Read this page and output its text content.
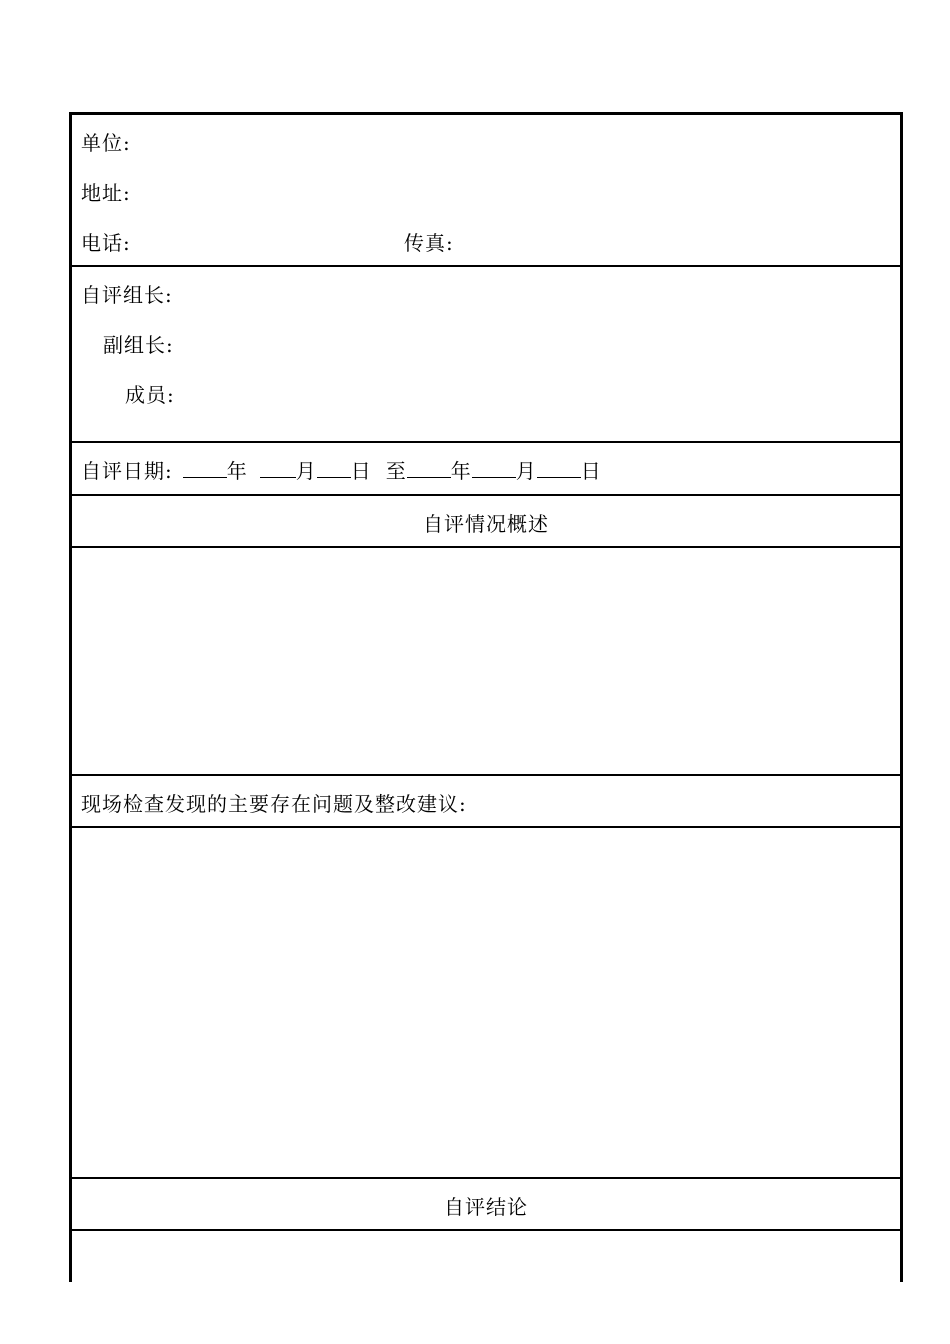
单位:
地址:
电话:	传真:
自评组长:
副组长:
成员:
自评日期:	年 月 日 至 年 月 日
自评情况概述
现场检查发现的主要存在问题及整改建议:
自评结论
